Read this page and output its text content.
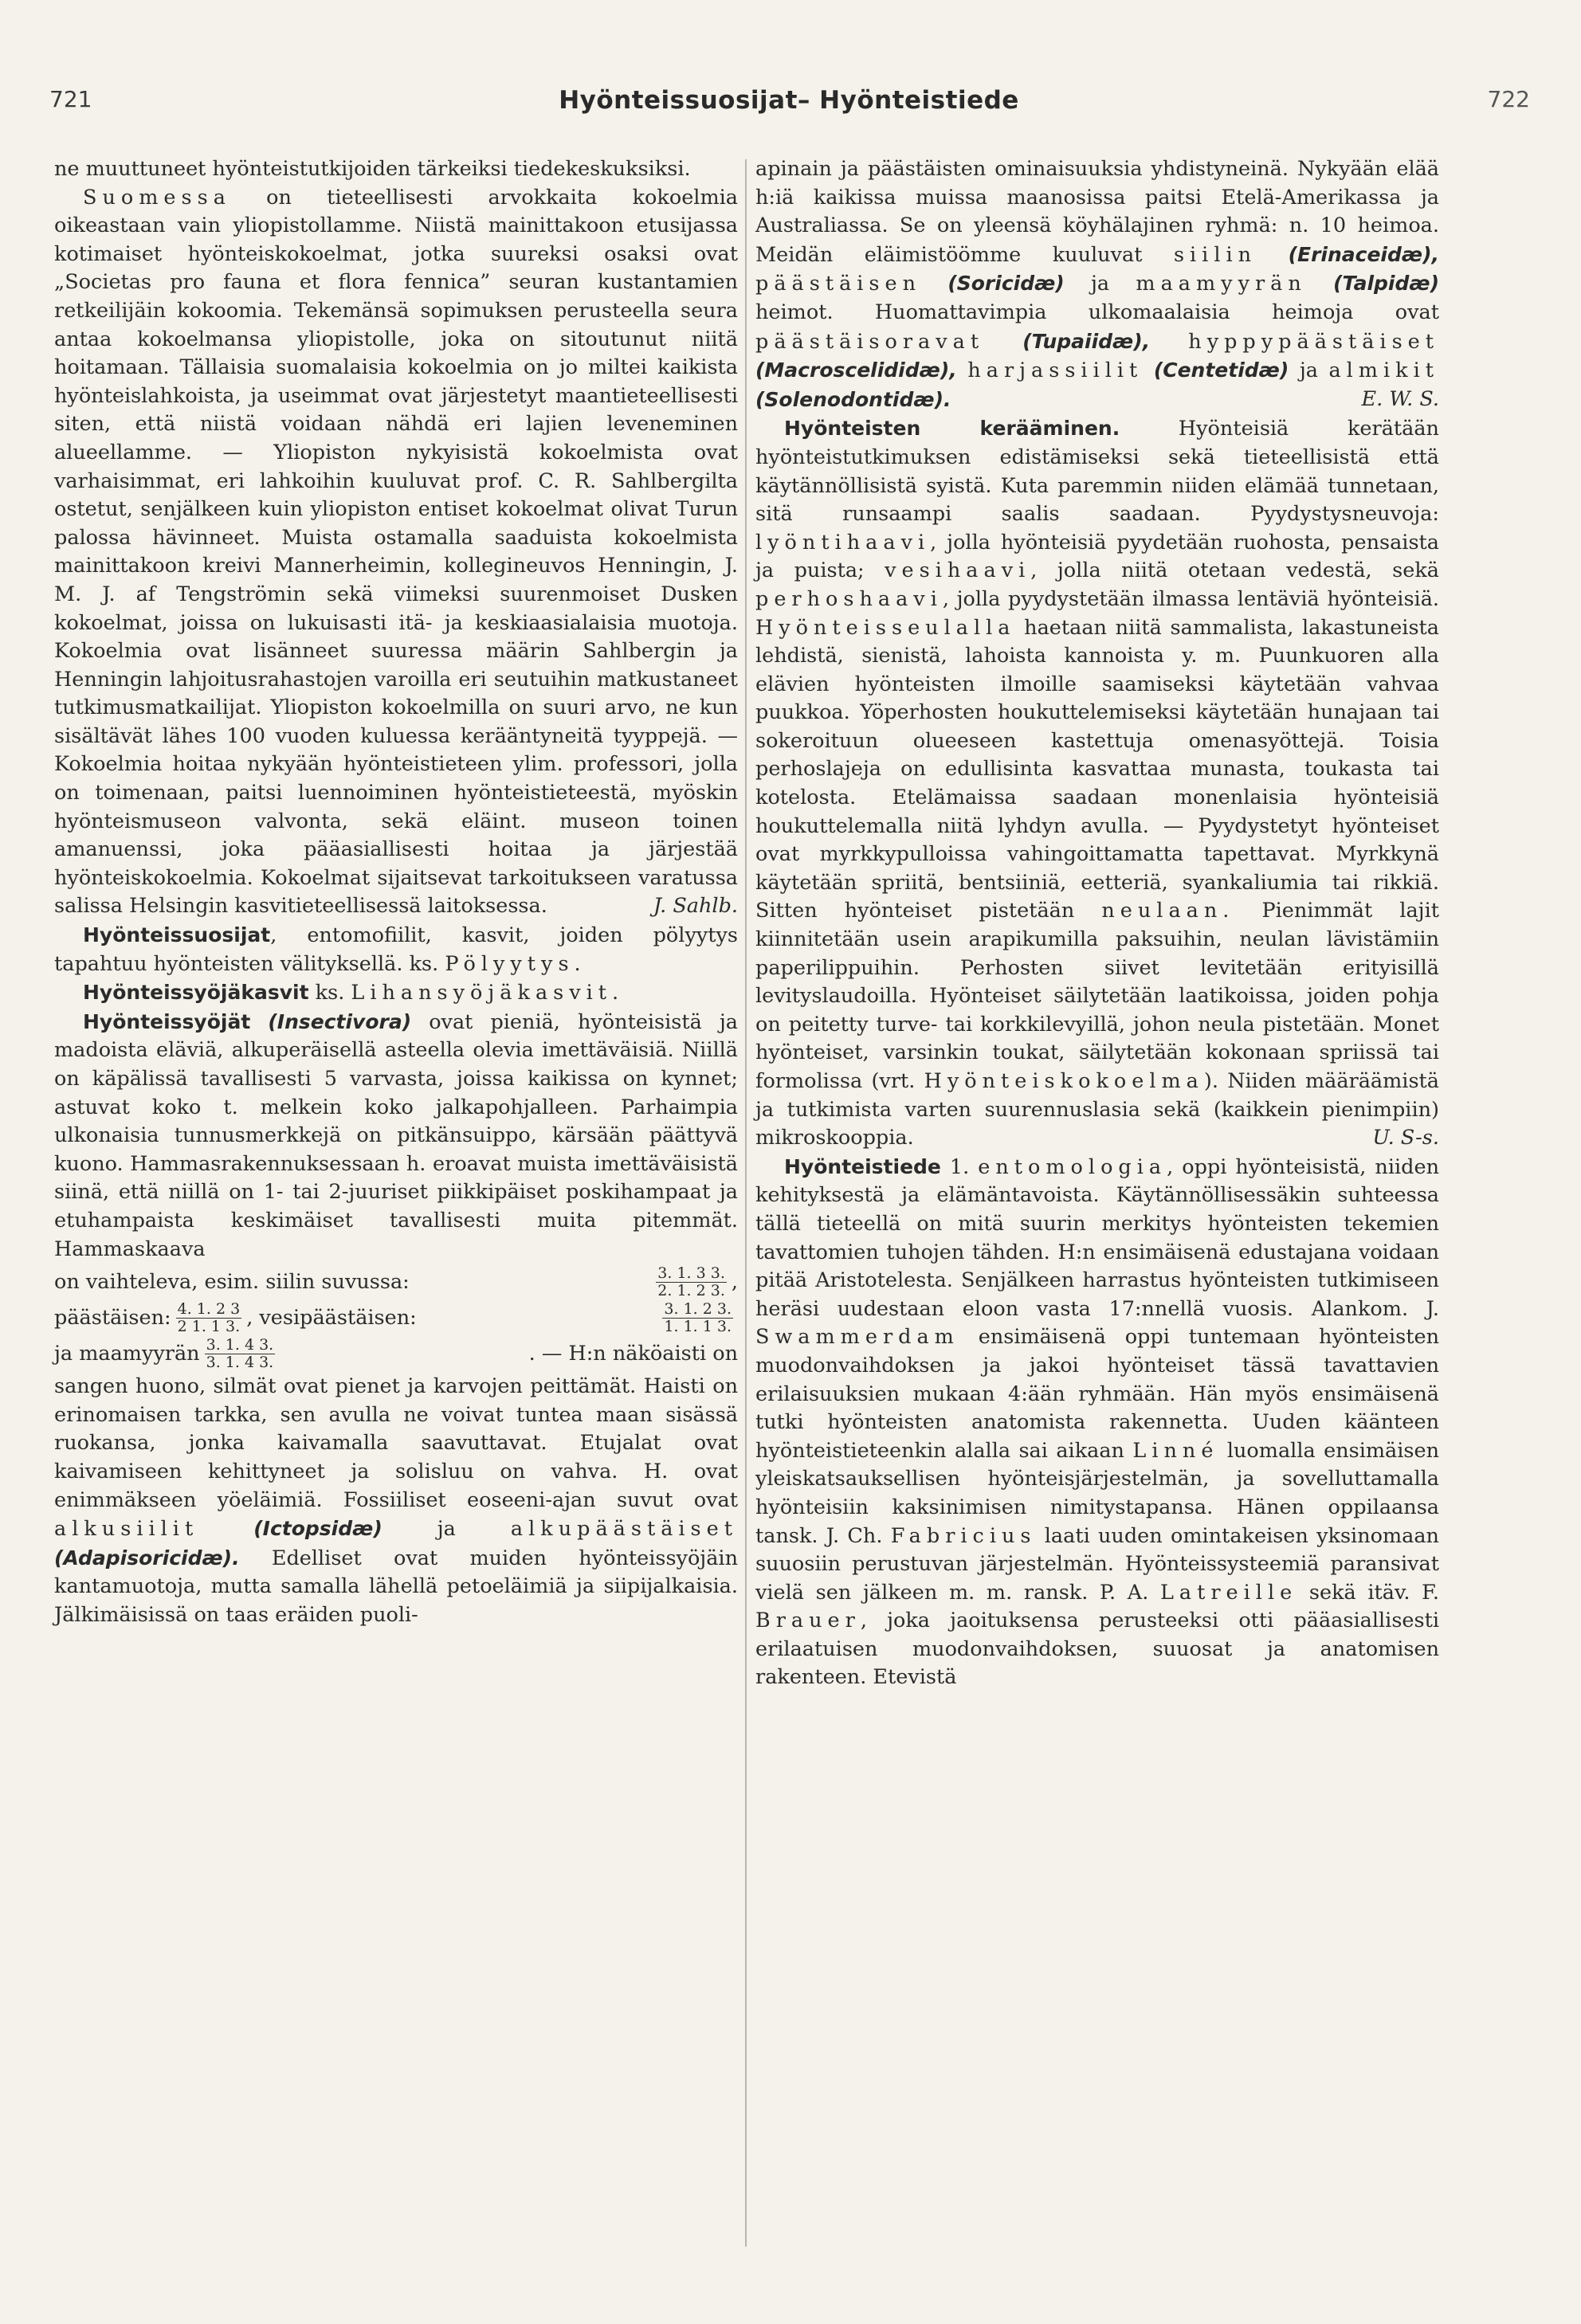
721	Hyönteissuosijat– Hyönteistiede	722

ne muuttuneet hyönteistutkijoiden tärkeiksi tiedekeskuksiksi.

Suomessa on tieteellisesti arvokkaita kokoelmia oikeastaan vain yliopistollamme. Niistä mainittakoon etusijassa kotimaiset hyönteiskokoelmat, jotka suureksi osaksi ovat „Societas pro fauna et flora fennica” seuran kustantamien retkeilijäin kokoomia. Tekemänsä sopimuksen perusteella seura antaa kokoelmansa yliopistolle, joka on sitoutunut niitä hoitamaan. Tällaisia suomalaisia kokoelmia on jo miltei kaikista hyönteislahkoista, ja useimmat ovat järjestetyt maantieteellisesti siten, että niistä voidaan nähdä eri lajien leveneminen alueellamme. — Yliopiston nykyisistä kokoelmista ovat varhaisimmat, eri lahkoihin kuuluvat prof. C. R. Sahlbergilta ostetut, senjälkeen kuin yliopiston entiset kokoelmat olivat Turun palossa hävinneet. Muista ostamalla saaduista kokoelmista mainittakoon kreivi Mannerheimin, kollegineuvos Henningin, J. M. J. af Tengströmin sekä viimeksi suurenmoiset Dusken kokoelmat, joissa on lukuisasti itä- ja keskiaasialaisia muotoja. Kokoelmia ovat lisänneet suuressa määrin Sahlbergin ja Henningin lahjoitusrahastojen varoilla eri seutuihin matkustaneet tutkimusmatkailijat. Yliopiston kokoelmilla on suuri arvo, ne kun sisältävät lähes 100 vuoden kuluessa kerääntyneitä tyyppejä. — Kokoelmia hoitaa nykyään hyönteistieteen ylim. professori, jolla on toimenaan, paitsi luennoiminen hyönteistieteestä, myöskin hyönteismuseon valvonta, sekä eläint. museon toinen amanuenssi, joka pääasiallisesti hoitaa ja järjestää hyönteiskokoelmia. Kokoelmat sijaitsevat tarkoitukseen varatussa salissa Helsingin kasvitieteellisessä laitoksessa.	J. Sahlb.

Hyönteissuosijat, entomofiilit, kasvit, joiden pölyytys tapahtuu hyönteisten välityksellä. ks. Pölyytys.

Hyönteissyöjäkasvit ks. Lihansyöjäkasvit.

Hyönteissyöjät (Insectivora) ovat pieniä, hyönteisistä ja madoista eläviä, alkuperäisellä asteella olevia imettäväisiä. Niillä on käpälissä tavallisesti 5 varvasta, joissa kaikissa on kynnet; astuvat koko t. melkein koko jalkapohjalleen. Parhaimpia ulkonaisia tunnusmerkkejä on pitkänsuippo, kärsään päättyvä kuono. Hammasrakennuksessaan h. eroavat muista imettäväisistä siinä, että niillä on 1- tai 2-juuriset piikkipäiset poskihampaat ja etuhampaista keskimäiset tavallisesti muita pitemmät. Hammaskaava

on vaihteleva, esim. siilin suvussa:	$\frac{3. 1. 3 3.}{2. 1. 2 3.}$ ,
päästäisen: $\frac{4. 1. 2 3}{2 1. 1 3.}$ , vesipäästäisen:	$\frac{3. 1. 2 3.}{1. 1. 1 3.}$
ja maamyyrän $\frac{3. 1. 4 3.}{3. 1. 4 3.}$	. — H:n näköaisti on

sangen huono, silmät ovat pienet ja karvojen peittämät. Haisti on erinomaisen tarkka, sen avulla ne voivat tuntea maan sisässä ruokansa, jonka kaivamalla saavuttavat. Etujalat ovat kaivamiseen kehittyneet ja solisluu on vahva. H. ovat enimmäkseen yöeläimiä. Fossiiliset eoseeni-ajan suvut ovat alkusiilit	(Ictopsidæ) ja alkupäästäiset (Adapisoricidæ). Edelliset ovat muiden hyönteissyöjäin kantamuotoja, mutta samalla lähellä petoeläimiä ja siipijalkaisia. Jälkimäisissä on taas eräiden puoli-

apinain ja päästäisten ominaisuuksia yhdistyneinä. Nykyään elää h:iä kaikissa muissa maanosissa paitsi Etelä-Amerikassa ja Australiassa. Se on yleensä köyhälajinen ryhmä: n. 10 heimoa. Meidän eläimistöömme kuuluvat siilin (Erinaceidæ), päästäisen (Soricidæ) ja maamyyrän (Talpidæ) heimot. Huomattavimpia ulkomaalaisia heimoja ovat päästäisoravat (Tupaiidæ), hyppypäästäiset (Macroscelididæ), harjassiilit (Centetidæ) ja almikit (Solenodontidæ).	E. W. S.

Hyönteisten kerääminen. Hyönteisiä kerätään hyönteistutkimuksen edistämiseksi sekä tieteellisistä että käytännöllisistä syistä. Kuta paremmin niiden elämää tunnetaan, sitä runsaampi saalis saadaan. Pyydystysneuvoja: lyöntihaavi, jolla hyönteisiä pyydetään ruohosta, pensaista ja puista; vesihaavi, jolla niitä otetaan vedestä, sekä perhoshaavi, jolla pyydystetään ilmassa lentäviä hyönteisiä. Hyönteisseulalla haetaan niitä sammalista, lakastuneista lehdistä, sienistä, lahoista kannoista y. m. Puunkuoren alla elävien hyönteisten ilmoille saamiseksi käytetään vahvaa puukkoa. Yöperhosten houkuttelemiseksi käytetään hunajaan tai sokeroituun olueeseen kastettuja omenasyöttejä. Toisia perhoslajeja on edullisinta kasvattaa munasta, toukasta tai kotelosta. Etelämaissa saadaan monenlaisia hyönteisiä houkuttelemalla niitä lyhdyn avulla. — Pyydystetyt hyönteiset ovat myrkkypulloissa vahingoittamatta tapettavat. Myrkkynä käytetään spriitä, bentsiiniä, eetteriä, syankaliumia tai rikkiä. Sitten hyönteiset pistetään neulaan. Pienimmät lajit kiinnitetään usein arapikumilla paksuihin, neulan lävistämiin paperilippuihin. Perhosten siivet levitetään erityisillä levityslaudoilla. Hyönteiset säilytetään laatikoissa, joiden pohja on peitetty turve- tai korkkilevyillä, johon neula pistetään. Monet hyönteiset, varsinkin toukat, säilytetään kokonaan spriissä tai formolissa (vrt. Hyönteiskokoelma). Niiden määräämistä ja tutkimista varten suurennuslasia sekä (kaikkein pienimpiin) mikroskooppia.	U. S-s.

Hyönteistiede 1. entomologia, oppi hyönteisistä, niiden kehityksestä ja elämäntavoista. Käytännöllisessäkin suhteessa tällä tieteellä on mitä suurin merkitys hyönteisten tekemien tavattomien tuhojen tähden. H:n ensimäisenä edustajana voidaan pitää Aristotelesta. Senjälkeen harrastus hyönteisten tutkimiseen heräsi uudestaan eloon vasta 17:nnellä vuosis. Alankom. J. Swammerdam ensimäisenä oppi tuntemaan hyönteisten muodonvaihdoksen ja jakoi hyönteiset tässä tavattavien erilaisuuksien mukaan 4:ään ryhmään. Hän myös ensimäisenä tutki hyönteisten anatomista rakennetta. Uuden käänteen hyönteistieteenkin alalla sai aikaan Linné luomalla ensimäisen yleiskatsauksellisen hyönteisjärjestelmän, ja sovelluttamalla hyönteisiin kaksinimisen nimitystapansa. Hänen oppilaansa tansk. J. Ch. Fabricius laati uuden omintakeisen yksinomaan suuosiin perustuvan järjestelmän. Hyönteissysteemiä paransivat vielä sen jälkeen m. m. ransk. P. A. Latreille sekä itäv. F. Brauer, joka jaoituksensa perusteeksi otti pääasiallisesti erilaatuisen muodonvaihdoksen, suuosat ja anatomisen rakenteen. Etevistä
